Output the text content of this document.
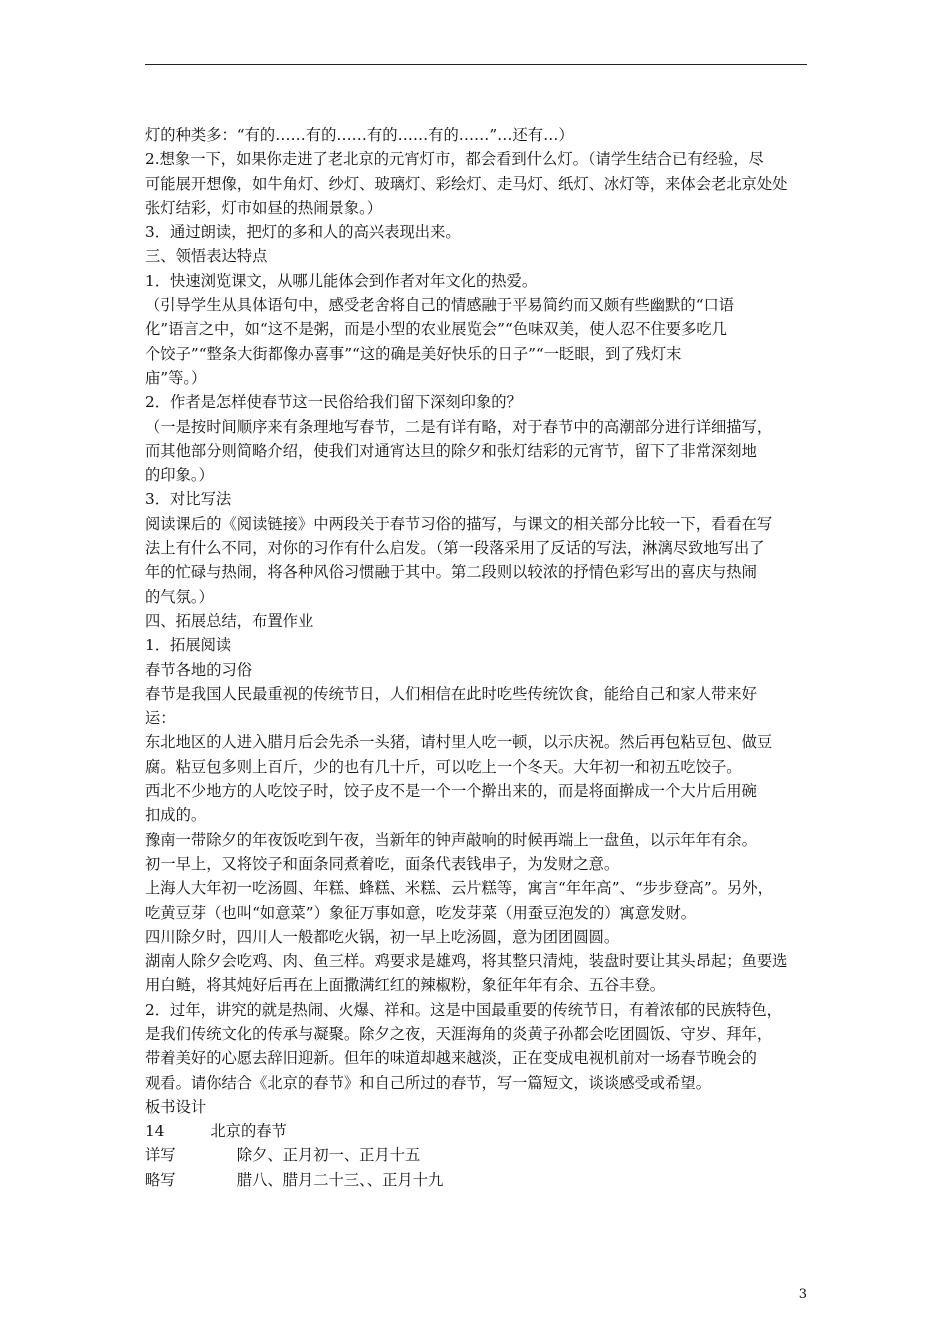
灯的种类多：“有的……有的……有的……有的……”…还有…）

2.想象一下，如果你走进了老北京的元宵灯市，都会看到什么灯。（请学生结合已有经验，尽

可能展开想像，如牛角灯、纱灯、玻璃灯、彩绘灯、走马灯、纸灯、冰灯等，来体会老北京处处

张灯结彩，灯市如昼的热闹景象。）

3．通过朗读，把灯的多和人的高兴表现出来。

三、领悟表达特点

1．快速浏览课文，从哪儿能体会到作者对年文化的热爱。

（引导学生从具体语句中，感受老舍将自己的情感融于平易简约而又颇有些幽默的“口语

化”语言之中，如“这不是粥，而是小型的农业展览会”“色味双美，使人忍不住要多吃几

个饺子”“整条大街都像办喜事”“这的确是美好快乐的日子”“一眨眼，到了残灯末

庙”等。）

2．作者是怎样使春节这一民俗给我们留下深刻印象的？

（一是按时间顺序来有条理地写春节，二是有详有略，对于春节中的高潮部分进行详细描写，

而其他部分则简略介绍，使我们对通宵达旦的除夕和张灯结彩的元宵节，留下了非常深刻地

的印象。）

3．对比写法

阅读课后的《阅读链接》中两段关于春节习俗的描写，与课文的相关部分比较一下，看看在写

法上有什么不同，对你的习作有什么启发。（第一段落采用了反话的写法，淋漓尽致地写出了

年的忙碌与热闹，将各种风俗习惯融于其中。第二段则以较浓的抒情色彩写出的喜庆与热闹

的气氛。）

四、拓展总结，布置作业

1．拓展阅读

春节各地的习俗

春节是我国人民最重视的传统节日，人们相信在此时吃些传统饮食，能给自己和家人带来好

运：

东北地区的人进入腊月后会先杀一头猪，请村里人吃一顿，以示庆祝。然后再包粘豆包、做豆

腐。粘豆包多则上百斤，少的也有几十斤，可以吃上一个冬天。大年初一和初五吃饺子。

西北不少地方的人吃饺子时，饺子皮不是一个一个擀出来的，而是将面擀成一个大片后用碗

扣成的。

豫南一带除夕的年夜饭吃到午夜，当新年的钟声敲响的时候再端上一盘鱼，以示年年有余。

初一早上，又将饺子和面条同煮着吃，面条代表钱串子，为发财之意。

上海人大年初一吃汤圆、年糕、蜂糕、米糕、云片糕等，寓言“年年高”、“步步登高”。另外，

吃黄豆芽（也叫“如意菜”）象征万事如意，吃发芽菜（用蚕豆泡发的）寓意发财。

四川除夕时，四川人一般都吃火锅，初一早上吃汤圆，意为团团圆圆。

湖南人除夕会吃鸡、肉、鱼三样。鸡要求是雄鸡，将其整只清炖，装盘时要让其头昂起；鱼要选

用白鲢，将其炖好后再在上面撒满红红的辣椒粉，象征年年有余、五谷丰登。

2．过年，讲究的就是热闹、火爆、祥和。这是中国最重要的传统节日，有着浓郁的民族特色，

是我们传统文化的传承与凝聚。除夕之夜，天涯海角的炎黄子孙都会吃团圆饭、守岁、拜年，

带着美好的心愿去辞旧迎新。但年的味道却越来越淡，正在变成电视机前对一场春节晚会的

观看。请你结合《北京的春节》和自己所过的春节，写一篇短文，谈谈感受或希望。

板书设计

14　　　北京的春节

详写　　　　除夕、正月初一、正月十五

略写　　　　腊八、腊月二十三、、正月十九

3
